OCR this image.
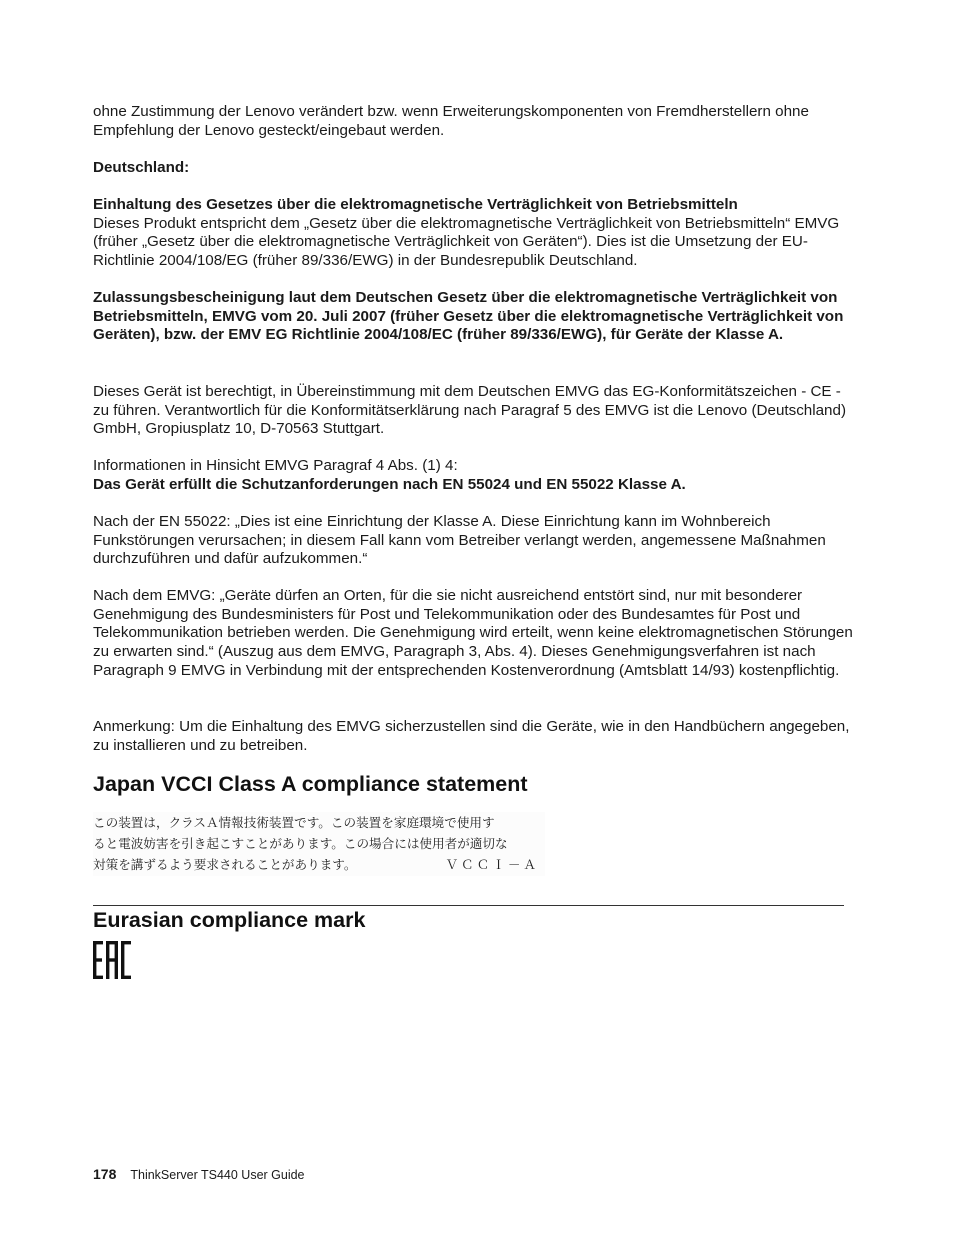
ohne Zustimmung der Lenovo verändert bzw. wenn Erweiterungskomponenten von Fremdherstellern ohne Empfehlung der Lenovo gesteckt/eingebaut werden.

Deutschland:

Einhaltung des Gesetzes über die elektromagnetische Verträglichkeit von Betriebsmitteln

Dieses Produkt entspricht dem „Gesetz über die elektromagnetische Verträglichkeit von Betriebsmitteln“ EMVG (früher „Gesetz über die elektromagnetische Verträglichkeit von Geräten“). Dies ist die Umsetzung der EU-Richtlinie 2004/108/EG (früher 89/336/EWG) in der Bundesrepublik Deutschland.

Zulassungsbescheinigung laut dem Deutschen Gesetz über die elektromagnetische Verträglichkeit von Betriebsmitteln, EMVG vom 20. Juli 2007 (früher Gesetz über die elektromagnetische Verträglichkeit von Geräten), bzw. der EMV EG Richtlinie 2004/108/EC (früher 89/336/EWG), für Geräte der Klasse A.
Dieses Gerät ist berechtigt, in Übereinstimmung mit dem Deutschen EMVG das EG-Konformitätszeichen - CE - zu führen. Verantwortlich für die Konformitätserklärung nach Paragraf 5 des EMVG ist die Lenovo (Deutschland) GmbH, Gropiusplatz 10, D-70563 Stuttgart.

Informationen in Hinsicht EMVG Paragraf 4 Abs. (1) 4:

Das Gerät erfüllt die Schutzanforderungen nach EN 55024 und EN 55022 Klasse A.

Nach der EN 55022: „Dies ist eine Einrichtung der Klasse A. Diese Einrichtung kann im Wohnbereich Funkstörungen verursachen; in diesem Fall kann vom Betreiber verlangt werden, angemessene Maßnahmen durchzuführen und dafür aufzukommen.“
Nach dem EMVG: „Geräte dürfen an Orten, für die sie nicht ausreichend entstört sind, nur mit besonderer Genehmigung des Bundesministers für Post und Telekommunikation oder des Bundesamtes für Post und Telekommunikation betrieben werden. Die Genehmigung wird erteilt, wenn keine elektromagnetischen Störungen zu erwarten sind.“ (Auszug aus dem EMVG, Paragraph 3, Abs. 4). Dieses Genehmigungsverfahren ist nach Paragraph 9 EMVG in Verbindung mit der entsprechenden Kostenverordnung (Amtsblatt 14/93) kostenpflichtig.
Anmerkung: Um die Einhaltung des EMVG sicherzustellen sind die Geräte, wie in den Handbüchern angegeben, zu installieren und zu betreiben.
Japan VCCI Class A compliance statement
この装置は，クラスＡ情報技術装置です。この装置を家庭環境で使用す
ると電波妨害を引き起こすことがあります。この場合には使用者が適切な
対策を講ずるよう要求されることがあります。	ＶＣＣＩ－Ａ
Eurasian compliance mark
178 ThinkServer TS440 User Guide
